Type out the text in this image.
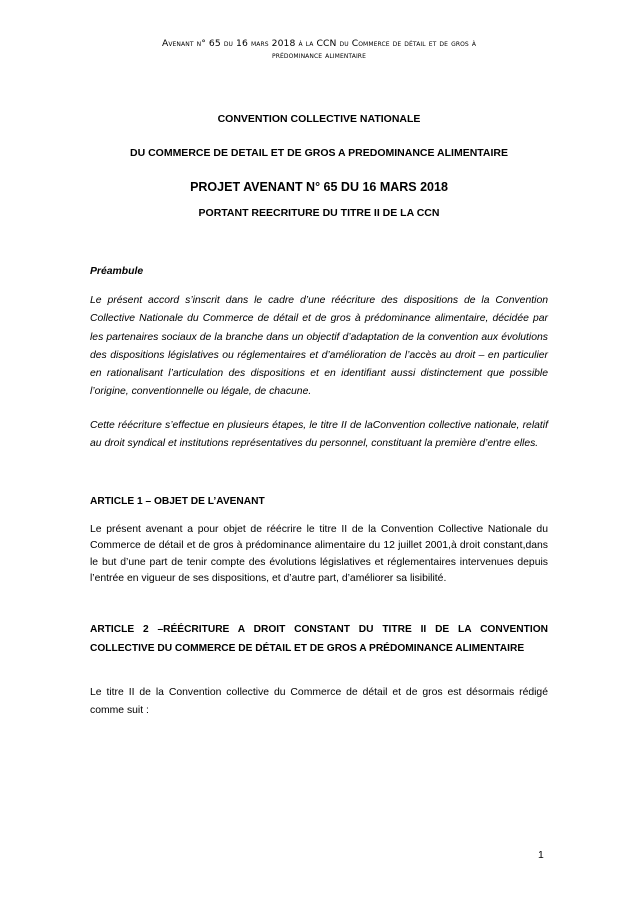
Avenant n° 65 du 16 mars 2018 à la CCN du Commerce de détail et de gros à
prédominance alimentaire
CONVENTION COLLECTIVE NATIONALE
DU COMMERCE DE DETAIL ET DE GROS A PREDOMINANCE ALIMENTAIRE
PROJET AVENANT N° 65 DU 16 MARS 2018
PORTANT REECRITURE DU TITRE II DE LA CCN
Préambule
Le présent accord s’inscrit dans le cadre d’une réécriture des dispositions de la Convention Collective Nationale du Commerce de détail et de gros à prédominance alimentaire, décidée par les partenaires sociaux de la branche dans un objectif d’adaptation de la convention aux évolutions des dispositions législatives ou réglementaires et d’amélioration de l’accès au droit – en particulier en rationalisant l’articulation des dispositions et en identifiant aussi distinctement que possible l’origine, conventionnelle ou légale, de chacune.
Cette réécriture s’effectue en plusieurs étapes, le titre II de laConvention collective nationale, relatif au droit syndical et institutions représentatives du personnel, constituant la première d’entre elles.
ARTICLE 1 – OBJET DE L’AVENANT
Le présent avenant a pour objet de réécrire le titre II de la Convention Collective Nationale du Commerce de détail et de gros à prédominance alimentaire du 12 juillet 2001,à droit constant,dans le but d’une part de tenir compte des évolutions législatives et réglementaires intervenues depuis l’entrée en vigueur de ses dispositions, et d’autre part, d’améliorer sa lisibilité.
ARTICLE 2 –RÉÉCRITURE A DROIT CONSTANT DU TITRE II DE LA CONVENTION COLLECTIVE DU COMMERCE DE DÉTAIL ET DE GROS A PRÉDOMINANCE ALIMENTAIRE
Le titre II de la Convention collective du Commerce de détail et de gros est désormais rédigé comme suit :
1
